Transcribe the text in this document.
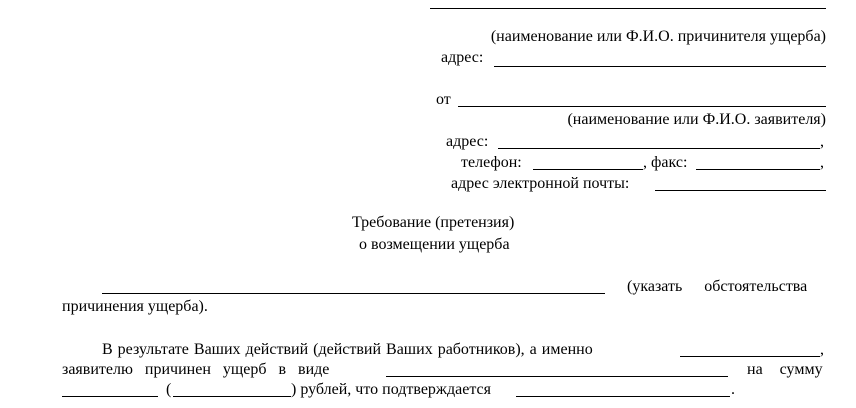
(наименование или Ф.И.О. причинителя ущерба)
адрес:
от
(наименование или Ф.И.О. заявителя)
адрес:	,
телефон:	, факс:	,
адрес электронной почты:
Требование (претензия)
о возмещении ущерба
(указать обстоятельства
причинения ущерба).
В результате Ваших действий (действий Ваших работников), а именно	,
заявителю причинен ущерб в виде	на сумму
(	) рублей, что подтверждается	.
